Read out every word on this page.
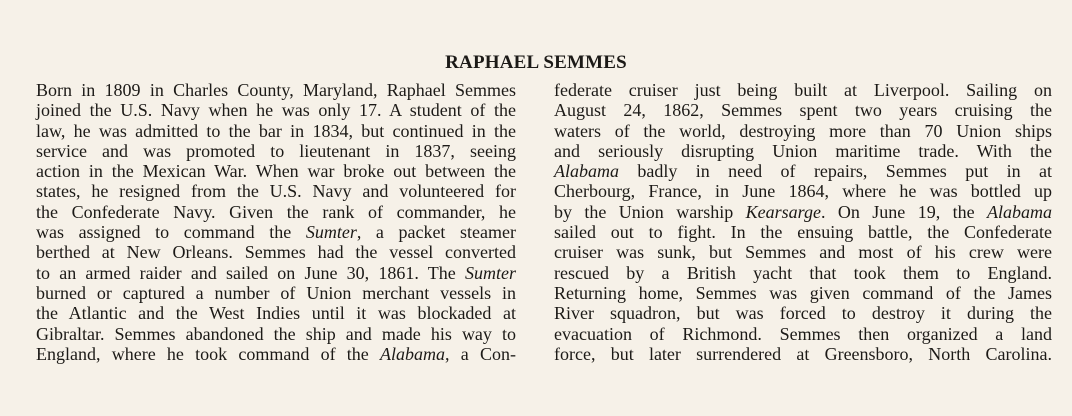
RAPHAEL SEMMES
Born in 1809 in Charles County, Maryland, Raphael Semmes
joined the U.S. Navy when he was only 17. A student of the
law, he was admitted to the bar in 1834, but continued in the
service and was promoted to lieutenant in 1837, seeing
action in the Mexican War. When war broke out between the
states, he resigned from the U.S. Navy and volunteered for
the Confederate Navy. Given the rank of commander, he
was assigned to command the Sumter, a packet steamer
berthed at New Orleans. Semmes had the vessel converted
to an armed raider and sailed on June 30, 1861. The Sumter
burned or captured a number of Union merchant vessels in
the Atlantic and the West Indies until it was blockaded at
Gibraltar. Semmes abandoned the ship and made his way to
England, where he took command of the Alabama, a Con-
federate cruiser just being built at Liverpool. Sailing on
August 24, 1862, Semmes spent two years cruising the
waters of the world, destroying more than 70 Union ships
and seriously disrupting Union maritime trade. With the
Alabama badly in need of repairs, Semmes put in at
Cherbourg, France, in June 1864, where he was bottled up
by the Union warship Kearsarge. On June 19, the Alabama
sailed out to fight. In the ensuing battle, the Confederate
cruiser was sunk, but Semmes and most of his crew were
rescued by a British yacht that took them to England.
Returning home, Semmes was given command of the James
River squadron, but was forced to destroy it during the
evacuation of Richmond. Semmes then organized a land
force, but later surrendered at Greensboro, North Carolina.
